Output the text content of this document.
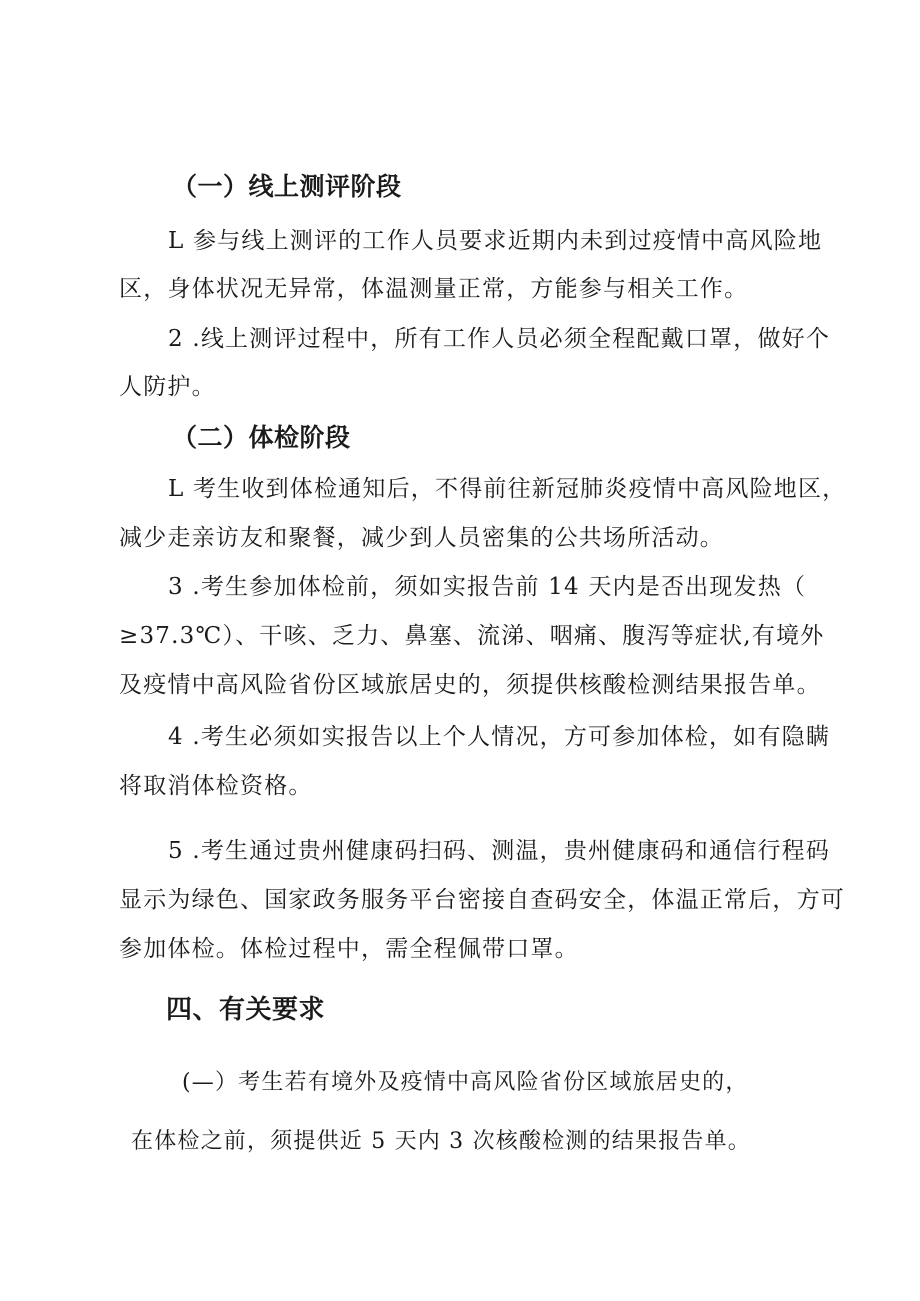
（一）线上测评阶段
L 参与线上测评的工作人员要求近期内未到过疫情中高风险地
区，身体状况无异常，体温测量正常，方能参与相关工作。
2 .线上测评过程中，所有工作人员必须全程配戴口罩，做好个
人防护。
（二）体检阶段
L 考生收到体检通知后，不得前往新冠肺炎疫情中高风险地区，
减少走亲访友和聚餐，减少到人员密集的公共场所活动。
3 .考生参加体检前，须如实报告前 14 天内是否出现发热（
≥37.3℃）、干咳、乏力、鼻塞、流涕、咽痛、腹泻等症状,有境外
及疫情中高风险省份区域旅居史的，须提供核酸检测结果报告单。
4 .考生必须如实报告以上个人情况，方可参加体检，如有隐瞒
将取消体检资格。
5 .考生通过贵州健康码扫码、测温，贵州健康码和通信行程码
显示为绿色、国家政务服务平台密接自查码安全，体温正常后，方可
参加体检。体检过程中，需全程佩带口罩。
四、有关要求
(—）考生若有境外及疫情中高风险省份区域旅居史的，
在体检之前，须提供近 5 天内 3 次核酸检测的结果报告单。
